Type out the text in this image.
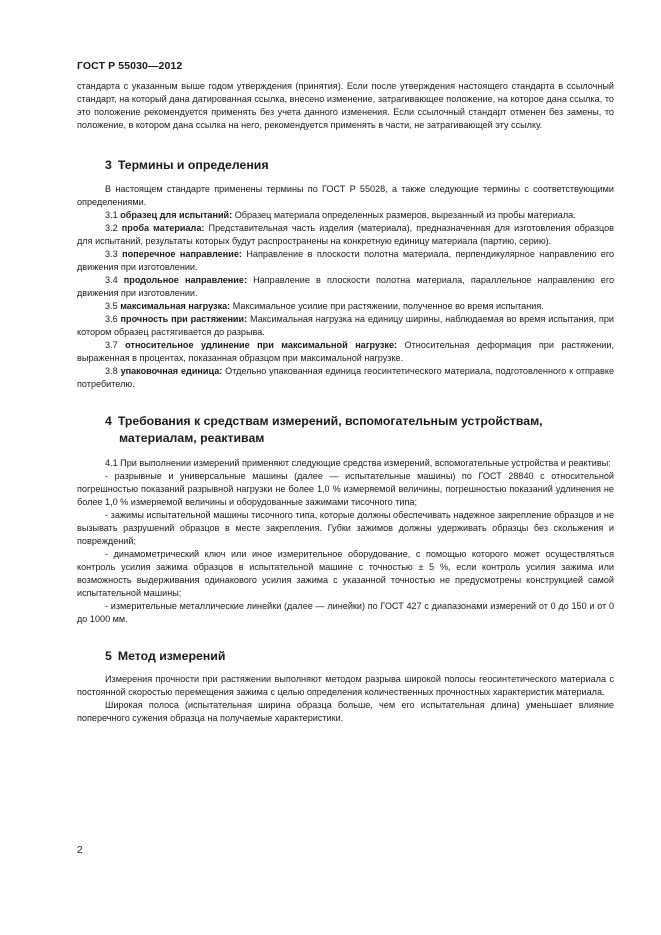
ГОСТ Р 55030—2012

стандарта с указанным выше годом утверждения (принятия). Если после утверждения настоящего стандарта в ссылочный стандарт, на который дана датированная ссылка, внесено изменение, затрагивающее положение, на которое дана ссылка, то это положение рекомендуется применять без учета данного изменения. Если ссылочный стандарт отменен без замены, то положение, в котором дана ссылка на него, рекомендуется применять в части, не затрагивающей эту ссылку.

3 Термины и определения

В настоящем стандарте применены термины по ГОСТ Р 55028, а также следующие термины с соответствующими определениями.

3.1 образец для испытаний: Образец материала определенных размеров, вырезанный из пробы материала.

3.2 проба материала: Представительная часть изделия (материала), предназначенная для изготовления образцов для испытаний, результаты которых будут распространены на конкретную единицу материала (партию, серию).

3.3 поперечное направление: Направление в плоскости полотна материала, перпендикулярное направлению его движения при изготовлении.

3.4 продольное направление: Направление в плоскости полотна материала, параллельное направлению его движения при изготовлении.

3.5 максимальная нагрузка: Максимальное усилие при растяжении, полученное во время испытания.

3.6 прочность при растяжении: Максимальная нагрузка на единицу ширины, наблюдаемая во время испытания, при котором образец растягивается до разрыва.

3.7 относительное удлинение при максимальной нагрузке: Относительная деформация при растяжении, выраженная в процентах, показанная образцом при максимальной нагрузке.

3.8 упаковочная единица: Отдельно упакованная единица геосинтетического материала, подготовленного к отправке потребителю.

4 Требования к средствам измерений, вспомогательным устройствам,
материалам, реактивам

4.1 При выполнении измерений применяют следующие средства измерений, вспомогательные устройства и реактивы:

- разрывные и универсальные машины (далее — испытательные машины) по ГОСТ 28840 с относительной погрешностью показаний разрывной нагрузки не более 1,0 % измеряемой величины, погрешностью показаний удлинения не более 1,0 % измеряемой величины и оборудованные зажимами тисочного типа;

- зажимы испытательной машины тисочного типа, которые должны обеспечивать надежное закрепление образцов и не вызывать разрушений образцов в месте закрепления. Губки зажимов должны удерживать образцы без скольжения и повреждений;

- динамометрический ключ или иное измерительное оборудование, с помощью которого может осуществляться контроль усилия зажима образцов в испытательной машине с точностью ± 5 %, если контроль усилия зажима или возможность выдерживания одинакового усилия зажима с указанной точностью не предусмотрены конструкцией самой испытательной машины;

- измерительные металлические линейки (далее — линейки) по ГОСТ 427 с диапазонами измерений от 0 до 150 и от 0 до 1000 мм.

5 Метод измерений

Измерения прочности при растяжении выполняют методом разрыва широкой полосы геосинтетического материала с постоянной скоростью перемещения зажима с целью определения количественных прочностных характеристик материала.

Широкая полоса (испытательная ширина образца больше, чем его испытательная длина) уменьшает влияние поперечного сужения образца на получаемые характеристики.

2
